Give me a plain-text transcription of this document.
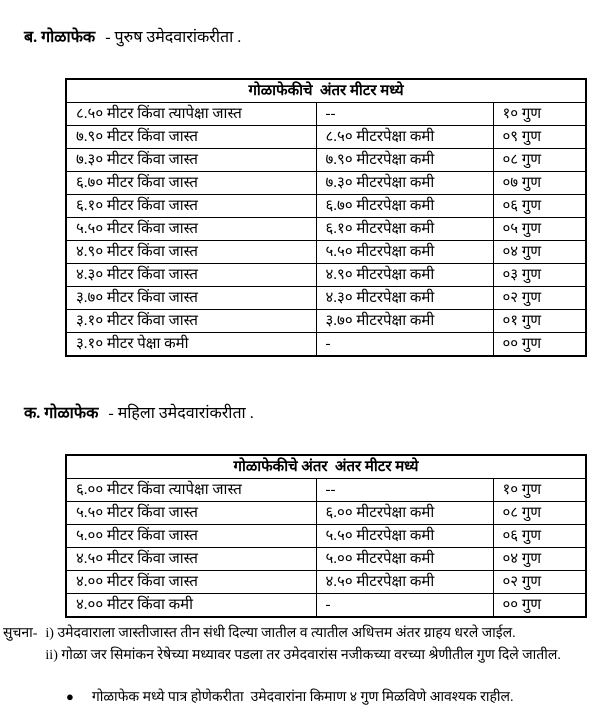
ब. गोळाफेक - पुरुष उमेदवारांकरीता .

गोळाफेकीचे  अंतर मीटर मध्ये		
८.५० मीटर किंवा त्यापेक्षा जास्त	--	१० गुण
७.९० मीटर किंवा जास्त	८.५० मीटरपेक्षा कमी	०९ गुण
७.३० मीटर किंवा जास्त	७.९० मीटरपेक्षा कमी	०८ गुण
६.७० मीटर किंवा जास्त	७.३० मीटरपेक्षा कमी	०७ गुण
६.१० मीटर किंवा जास्त	६.७० मीटरपेक्षा कमी	०६ गुण
५.५० मीटर किंवा जास्त	६.१० मीटरपेक्षा कमी	०५ गुण
४.९० मीटर किंवा जास्त	५.५० मीटरपेक्षा कमी	०४ गुण
४.३० मीटर किंवा जास्त	४.९० मीटरपेक्षा कमी	०३ गुण
३.७० मीटर किंवा जास्त	४.३० मीटरपेक्षा कमी	०२ गुण
३.१० मीटर किंवा जास्त	३.७० मीटरपेक्षा कमी	०१ गुण
३.१० मीटर पेक्षा कमी	-	०० गुण

क. गोळाफेक - महिला उमेदवारांकरीता .

गोळाफेकीचे अंतर  अंतर मीटर मध्ये		
६.०० मीटर किंवा त्यापेक्षा जास्त	--	१० गुण
५.५० मीटर किंवा जास्त	६.०० मीटरपेक्षा कमी	०८ गुण
५.०० मीटर किंवा जास्त	५.५० मीटरपेक्षा कमी	०६ गुण
४.५० मीटर किंवा जास्त	५.०० मीटरपेक्षा कमी	०४ गुण
४.०० मीटर किंवा जास्त	४.५० मीटरपेक्षा कमी	०२ गुण
४.०० मीटर किंवा कमी	-	०० गुण
सुचना- i) उमेदवाराला जास्तीजास्त तीन संधी दिल्या जातील व त्यातील अधित्तम अंतर ग्राहय धरले जाईल.
ii) गोळा जर सिमांकन रेषेच्या मध्यावर पडला तर उमेदवारांस नजीकच्या वरच्या श्रेणीतील गुण दिले जातील.
● गोळाफेक मध्ये पात्र होणेकरीता  उमेदवारांना किमाण ४ गुण मिळविणे आवश्यक राहील.
